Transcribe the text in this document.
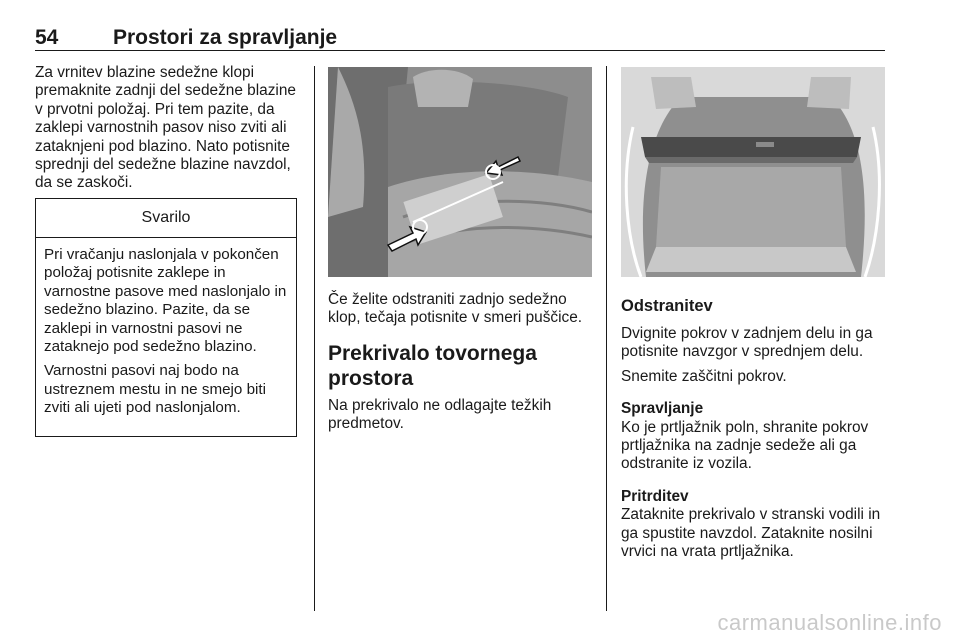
54	Prostori za spravljanje

Za vrnitev blazine sedežne klopi premaknite zadnji del sedežne blazine v prvotni položaj. Pri tem pazite, da zaklepi varnostnih pasov niso zviti ali zataknjeni pod blazino. Nato potisnite sprednji del sedežne blazine navzdol, da se zaskoči.

Svarilo

Pri vračanju naslonjala v pokončen položaj potisnite zaklepe in varnostne pasove med naslonjalo in sedežno blazino. Pazite, da se zaklepi in varnostni pasovi ne zataknejo pod sedežno blazino.

Varnostni pasovi naj bodo na ustreznem mestu in ne smejo biti zviti ali ujeti pod naslonjalom.

Če želite odstraniti zadnjo sedežno klop, tečaja potisnite v smeri puščice.

Prekrivalo tovornega prostora

Na prekrivalo ne odlagajte težkih predmetov.

Odstranitev

Dvignite pokrov v zadnjem delu in ga potisnite navzgor v sprednjem delu.

Snemite zaščitni pokrov.

Spravljanje

Ko je prtljažnik poln, shranite pokrov prtljažnika na zadnje sedeže ali ga odstranite iz vozila.

Pritrditev

Zataknite prekrivalo v stranski vodili in ga spustite navzdol. Zataknite nosilni vrvici na vrata prtljažnika.

carmanualsonline.info
